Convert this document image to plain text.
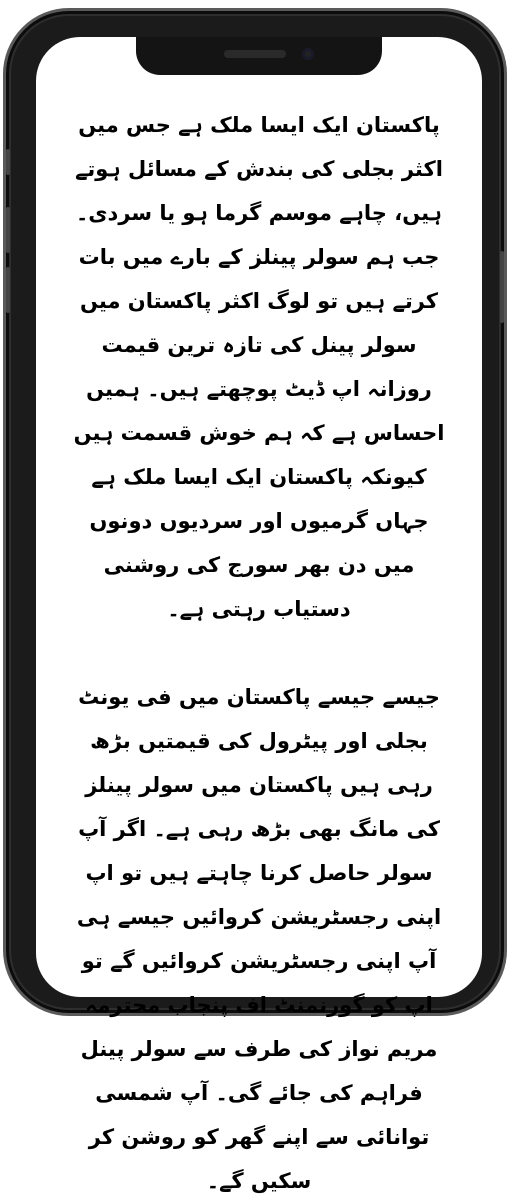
پاکستان ایک ایسا ملک ہے جس میں اکثر بجلی کی بندش کے مسائل ہوتے ہیں، چاہے موسم گرما ہو یا سردی۔ جب ہم سولر پینلز کے بارے میں بات کرتے ہیں تو لوگ اکثر پاکستان میں سولر پینل کی تازہ ترین قیمت روزانہ اپ ڈیٹ پوچھتے ہیں۔ ہمیں احساس ہے کہ ہم خوش قسمت ہیں کیونکہ پاکستان ایک ایسا ملک ہے جہاں گرمیوں اور سردیوں دونوں میں دن بھر سورج کی روشنی دستیاب رہتی ہے۔

جیسے جیسے پاکستان میں فی یونٹ بجلی اور پیٹرول کی قیمتیں بڑھ رہی ہیں پاکستان میں سولر پینلز کی مانگ بھی بڑھ رہی ہے۔ اگر آپ سولر حاصل کرنا چاہتے ہیں تو اپ اپنی رجسٹریشن کروائیں جیسے ہی آپ اپنی رجسٹریشن کروائیں گے تو اپ کو گورنمنٹ اف پنجاب محترمہ مریم نواز کی طرف سے سولر پینل فراہم کی جائے گی۔ آپ شمسی توانائی سے اپنے گھر کو روشن کر سکیں گے۔
